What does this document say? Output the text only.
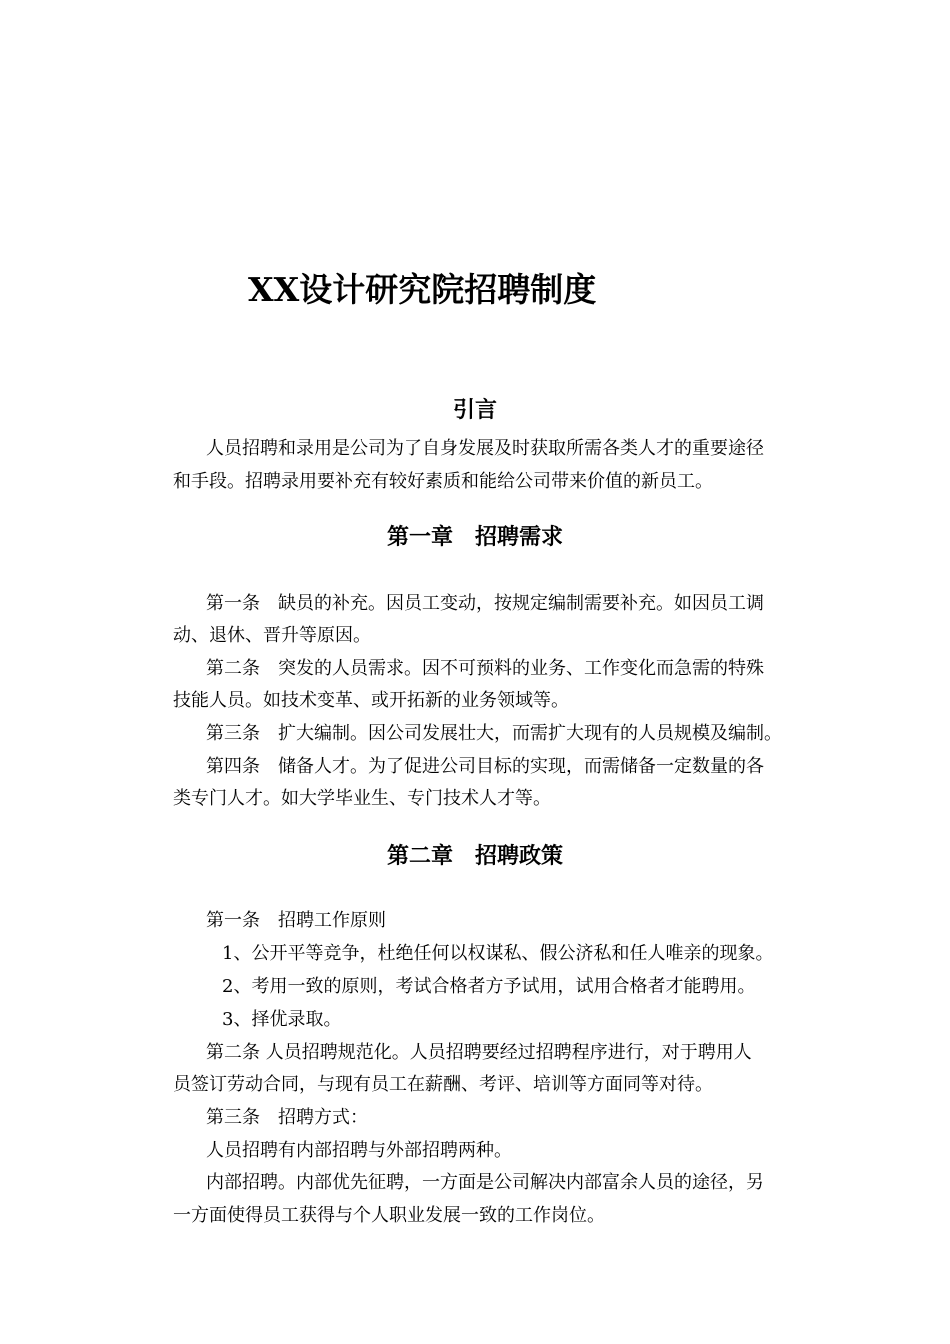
XX设计研究院招聘制度
引言
人员招聘和录用是公司为了自身发展及时获取所需各类人才的重要途径
和手段。招聘录用要补充有较好素质和能给公司带来价值的新员工。
第一章　招聘需求
第一条　缺员的补充。因员工变动，按规定编制需要补充。如因员工调
动、退休、晋升等原因。
第二条　突发的人员需求。因不可预料的业务、工作变化而急需的特殊
技能人员。如技术变革、或开拓新的业务领域等。
第三条　扩大编制。因公司发展壮大，而需扩大现有的人员规模及编制。
第四条　储备人才。为了促进公司目标的实现，而需储备一定数量的各
类专门人才。如大学毕业生、专门技术人才等。
第二章　招聘政策
第一条　招聘工作原则
1、公开平等竞争，杜绝任何以权谋私、假公济私和任人唯亲的现象。
2、考用一致的原则，考试合格者方予试用，试用合格者才能聘用。
3、择优录取。
第二条 人员招聘规范化。人员招聘要经过招聘程序进行，对于聘用人
员签订劳动合同，与现有员工在薪酬、考评、培训等方面同等对待。
第三条　招聘方式：
人员招聘有内部招聘与外部招聘两种。
内部招聘。内部优先征聘，一方面是公司解决内部富余人员的途径，另
一方面使得员工获得与个人职业发展一致的工作岗位。
